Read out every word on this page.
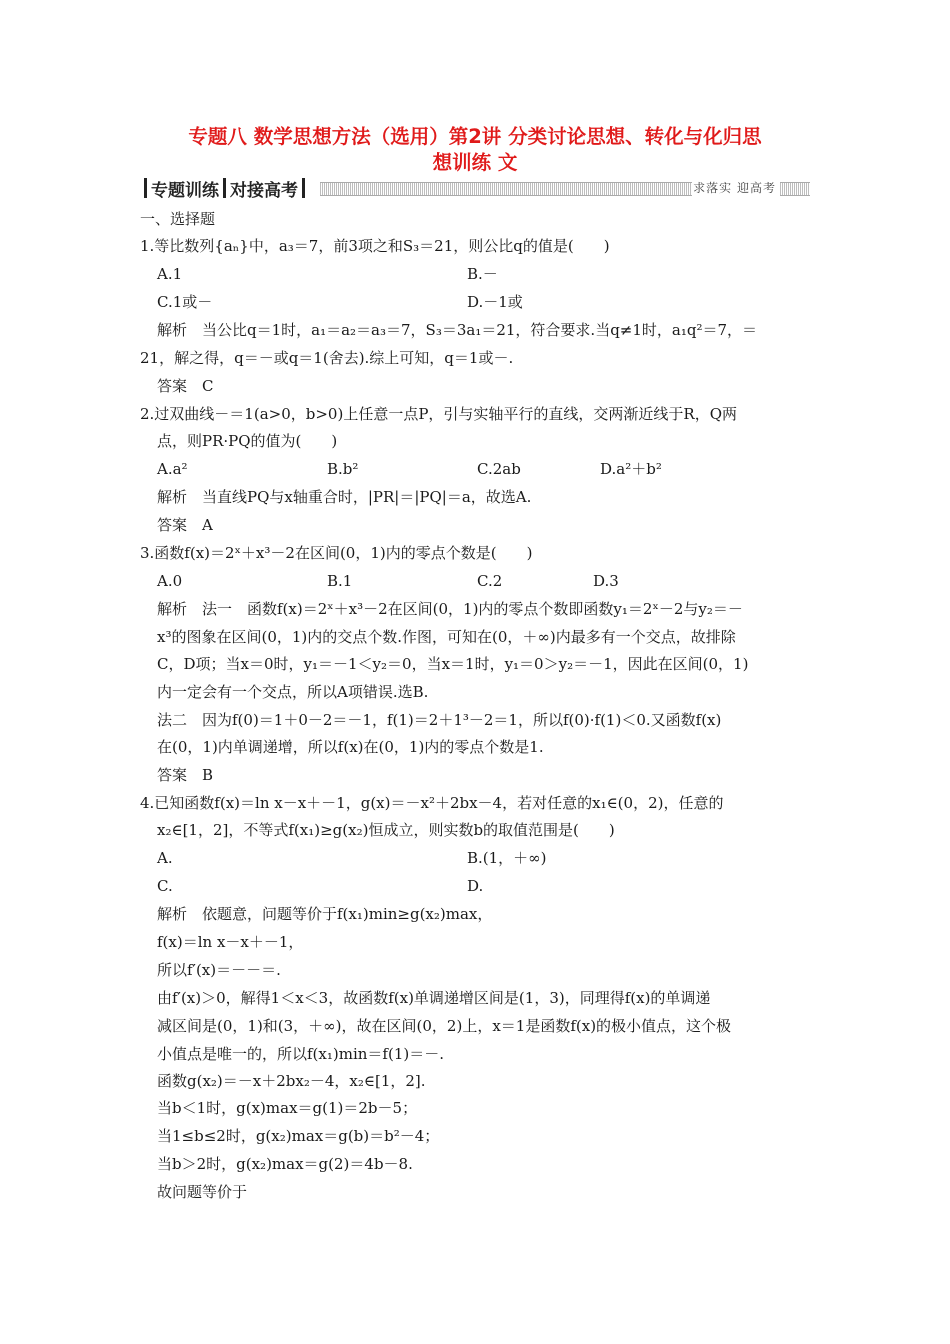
专题八 数学思想方法（选用）第2讲 分类讨论思想、转化与化归思
想训练 文
专题训练 对接高考	求落实 迎高考
一、选择题
1.等比数列{aₙ}中，a₃＝7，前3项之和S₃＝21，则公比q的值是(　　)
A.1	B.－
C.1或－	D.－1或
解析　当公比q＝1时，a₁＝a₂＝a₃＝7，S₃＝3a₁＝21，符合要求.当q≠1时，a₁q²＝7，＝
21，解之得，q＝－或q＝1(舍去).综上可知，q＝1或－.
答案　C
2.过双曲线－＝1(a>0，b>0)上任意一点P，引与实轴平行的直线，交两渐近线于R，Q两
点，则PR·PQ的值为(　　)
A.a²	B.b²	C.2ab	D.a²＋b²
解析　当直线PQ与x轴重合时，|PR|＝|PQ|＝a，故选A.
答案　A
3.函数f(x)＝2ˣ＋x³－2在区间(0，1)内的零点个数是(　　)
A.0	B.1	C.2	D.3
解析　法一　函数f(x)＝2ˣ＋x³－2在区间(0，1)内的零点个数即函数y₁＝2ˣ－2与y₂＝－
x³的图象在区间(0，1)内的交点个数.作图，可知在(0，＋∞)内最多有一个交点，故排除
C，D项；当x＝0时，y₁＝－1＜y₂＝0，当x＝1时，y₁＝0＞y₂＝－1，因此在区间(0，1)
内一定会有一个交点，所以A项错误.选B.
法二　因为f(0)＝1＋0－2＝－1，f(1)＝2＋1³－2＝1，所以f(0)·f(1)＜0.又函数f(x)
在(0，1)内单调递增，所以f(x)在(0，1)内的零点个数是1.
答案　B
4.已知函数f(x)＝ln x－x＋－1，g(x)＝－x²＋2bx－4，若对任意的x₁∈(0，2)，任意的
x₂∈[1，2]，不等式f(x₁)≥g(x₂)恒成立，则实数b的取值范围是(　　)
A.	B.(1，＋∞)
C.	D.
解析　依题意，问题等价于f(x₁)min≥g(x₂)max，
f(x)＝ln x－x＋－1，
所以f′(x)＝－－＝.
由f′(x)＞0，解得1＜x＜3，故函数f(x)单调递增区间是(1，3)，同理得f(x)的单调递
减区间是(0，1)和(3，＋∞)，故在区间(0，2)上，x＝1是函数f(x)的极小值点，这个极
小值点是唯一的，所以f(x₁)min＝f(1)＝－.
函数g(x₂)＝－x＋2bx₂－4，x₂∈[1，2].
当b＜1时，g(x)max＝g(1)＝2b－5；
当1≤b≤2时，g(x₂)max＝g(b)＝b²－4；
当b＞2时，g(x₂)max＝g(2)＝4b－8.
故问题等价于
